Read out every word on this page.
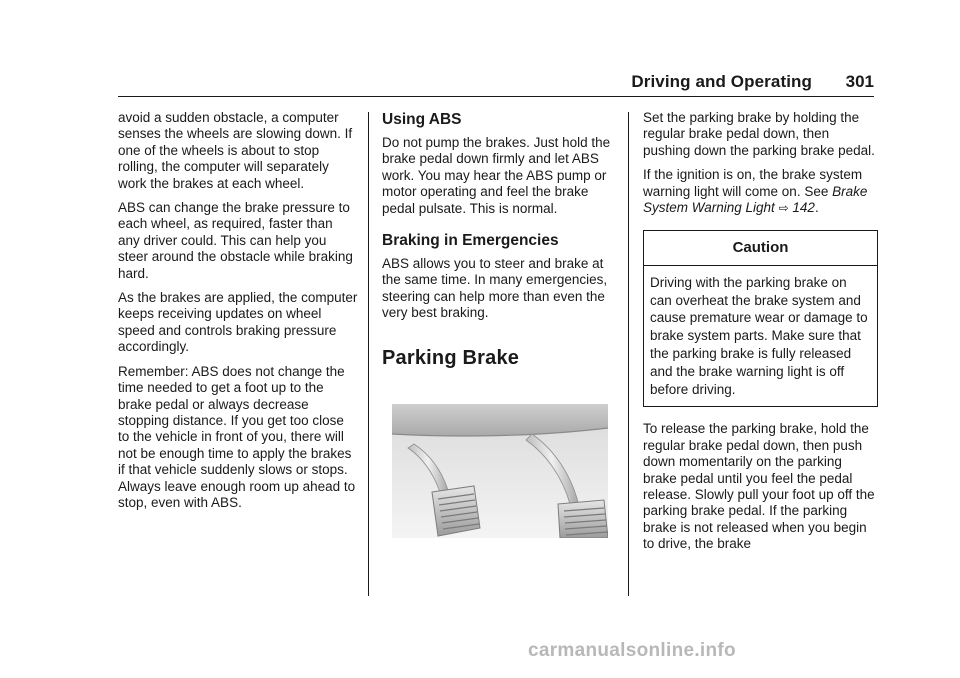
Driving and Operating 301

avoid a sudden obstacle, a computer senses the wheels are slowing down. If one of the wheels is about to stop rolling, the computer will separately work the brakes at each wheel.

ABS can change the brake pressure to each wheel, as required, faster than any driver could. This can help you steer around the obstacle while braking hard.

As the brakes are applied, the computer keeps receiving updates on wheel speed and controls braking pressure accordingly.

Remember: ABS does not change the time needed to get a foot up to the brake pedal or always decrease stopping distance. If you get too close to the vehicle in front of you, there will not be enough time to apply the brakes if that vehicle suddenly slows or stops. Always leave enough room up ahead to stop, even with ABS.

Using ABS

Do not pump the brakes. Just hold the brake pedal down firmly and let ABS work. You may hear the ABS pump or motor operating and feel the brake pedal pulsate. This is normal.

Braking in Emergencies

ABS allows you to steer and brake at the same time. In many emergencies, steering can help more than even the very best braking.

Parking Brake

Set the parking brake by holding the regular brake pedal down, then pushing down the parking brake pedal.

If the ignition is on, the brake system warning light will come on. See Brake System Warning Light ⇨ 142.

Caution
Driving with the parking brake on can overheat the brake system and cause premature wear or damage to brake system parts. Make sure that the parking brake is fully released and the brake warning light is off before driving.

To release the parking brake, hold the regular brake pedal down, then push down momentarily on the parking brake pedal until you feel the pedal release. Slowly pull your foot up off the parking brake pedal. If the parking brake is not released when you begin to drive, the brake

carmanualsonline.info
